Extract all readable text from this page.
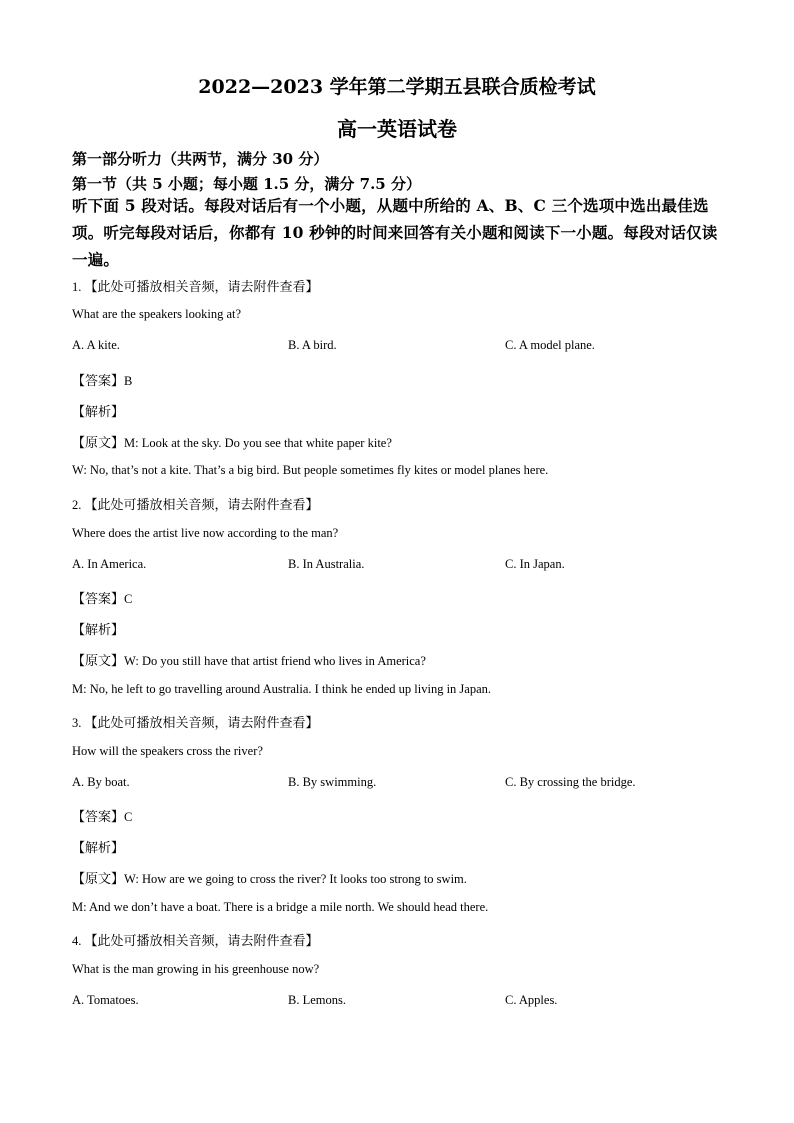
2022—2023 学年第二学期五县联合质检考试
高一英语试卷
第一部分听力（共两节，满分 30 分）
第一节（共 5 小题；每小题 1.5 分，满分 7.5 分）
听下面 5 段对话。每段对话后有一个小题，从题中所给的 A、B、C 三个选项中选出最佳选项。听完每段对话后，你都有 10 秒钟的时间来回答有关小题和阅读下一小题。每段对话仅读一遍。
1. 【此处可播放相关音频，请去附件查看】
What are the speakers looking at?
A. A kite.	B. A bird.	C. A model plane.
【答案】B
【解析】
【原文】M: Look at the sky. Do you see that white paper kite?
W: No, that’s not a kite. That’s a big bird. But people sometimes fly kites or model planes here.
2. 【此处可播放相关音频，请去附件查看】
Where does the artist live now according to the man?
A. In America.	B. In Australia.	C. In Japan.
【答案】C
【解析】
【原文】W: Do you still have that artist friend who lives in America?
M: No, he left to go travelling around Australia. I think he ended up living in Japan.
3. 【此处可播放相关音频，请去附件查看】
How will the speakers cross the river?
A. By boat.	B. By swimming.	C. By crossing the bridge.
【答案】C
【解析】
【原文】W: How are we going to cross the river? It looks too strong to swim.
M: And we don’t have a boat. There is a bridge a mile north. We should head there.
4. 【此处可播放相关音频，请去附件查看】
What is the man growing in his greenhouse now?
A. Tomatoes.	B. Lemons.	C. Apples.
